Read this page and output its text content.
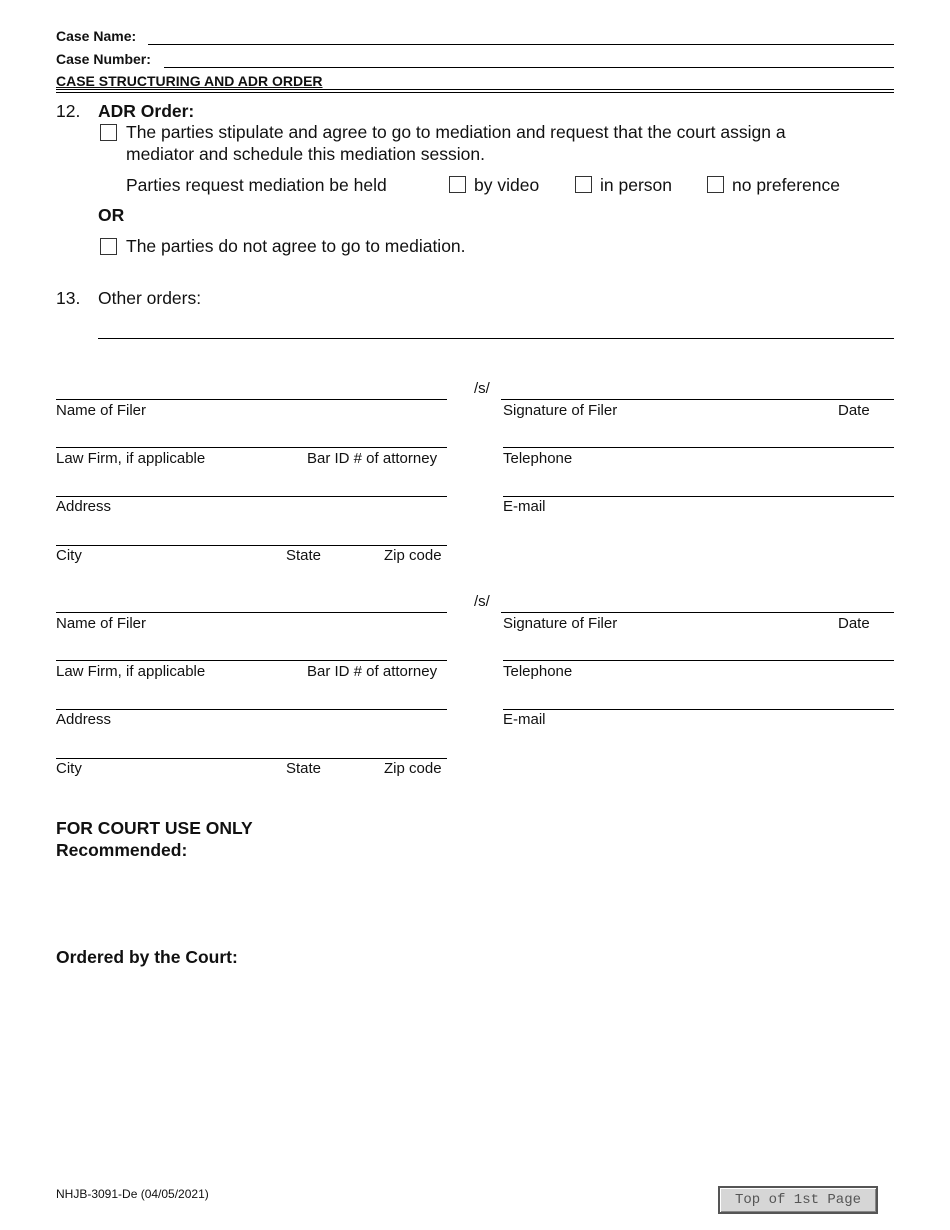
Case Name:
Case Number:
CASE STRUCTURING AND ADR ORDER
12. ADR Order:
The parties stipulate and agree to go to mediation and request that the court assign a
mediator and schedule this mediation session.
Parties request mediation be held	by video	in person	no preference
OR
The parties do not agree to go to mediation.
13. Other orders:
/s/
Name of Filer	Signature of Filer	Date
Law Firm, if applicable	Bar ID # of attorney	Telephone
Address	E-mail
City	State	Zip code
/s/
Name of Filer	Signature of Filer	Date
Law Firm, if applicable	Bar ID # of attorney	Telephone
Address	E-mail
City	State	Zip code
FOR COURT USE ONLY
Recommended:
Ordered by the Court:
NHJB-3091-De (04/05/2021)	Top of 1st Page
